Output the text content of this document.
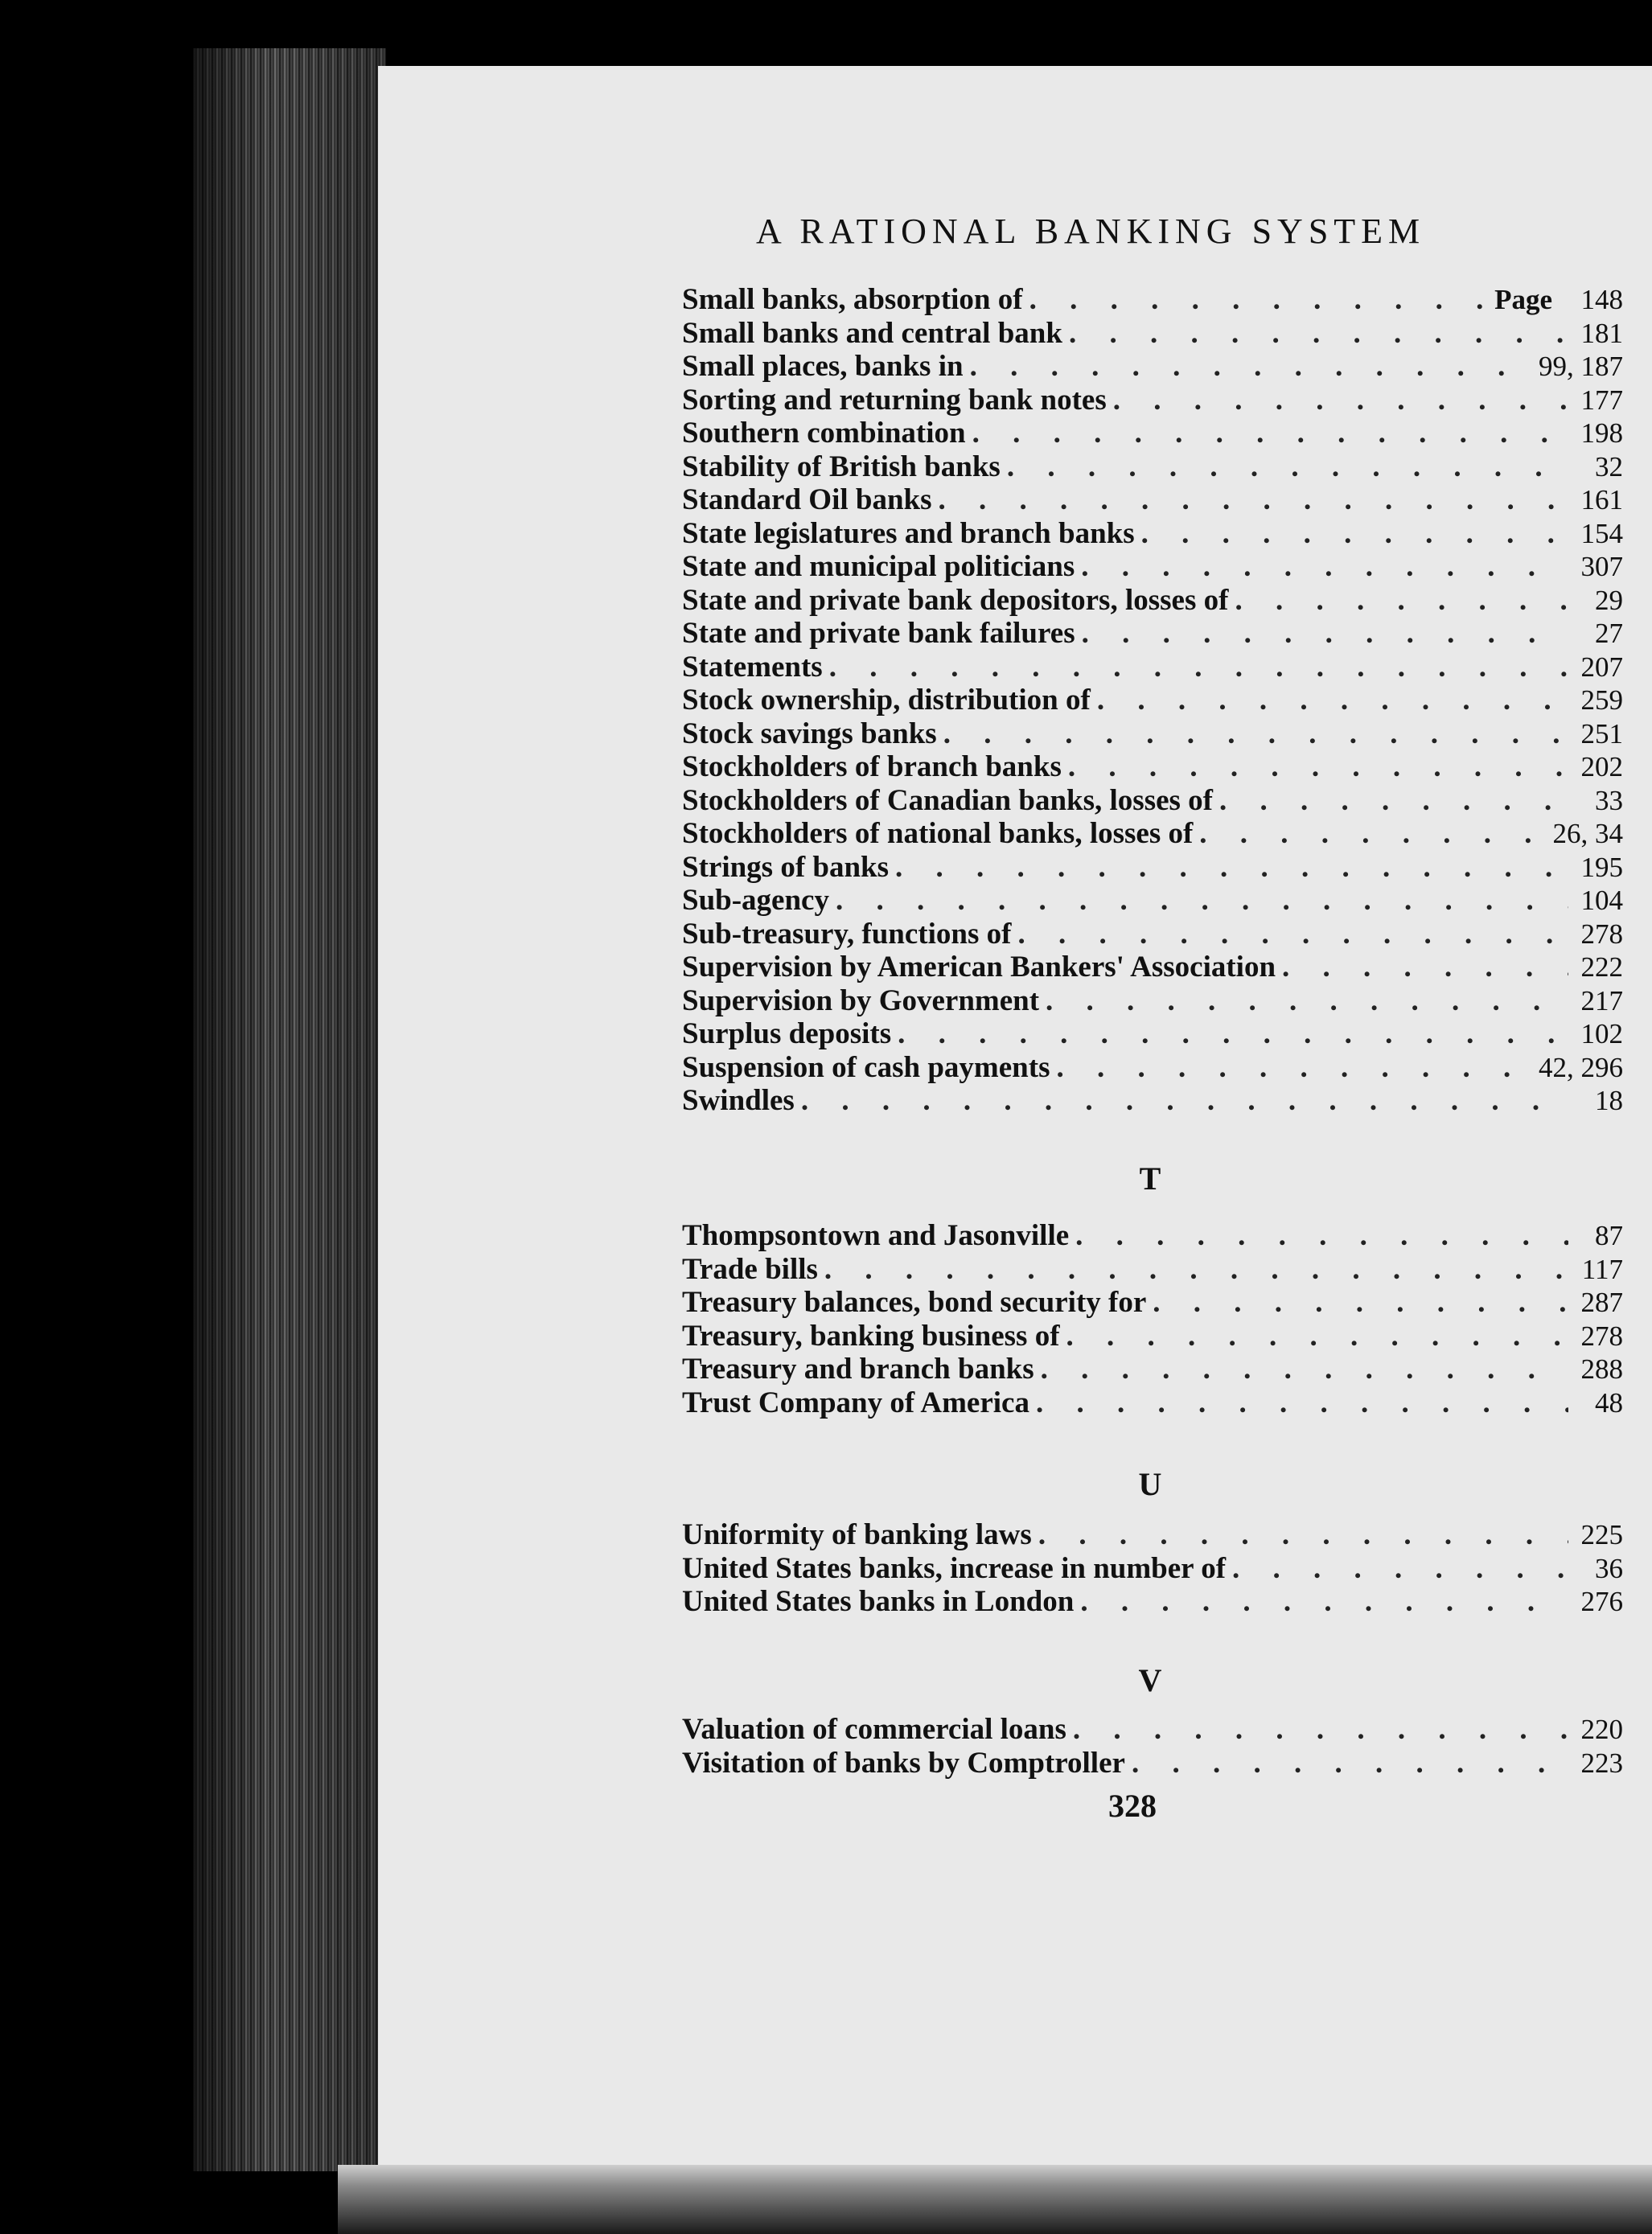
A RATIONAL BANKING SYSTEM
Small banks, absorption of . . .	Page 148
Small banks and central bank . . .	181
Small places, banks in . . .	99, 187
Sorting and returning bank notes . . .	177
Southern combination . . .	198
Stability of British banks . . .	32
Standard Oil banks . . .	161
State legislatures and branch banks . . .	154
State and municipal politicians . . .	307
State and private bank depositors, losses of . . .	29
State and private bank failures . . .	27
Statements . . .	207
Stock ownership, distribution of . . .	259
Stock savings banks . . .	251
Stockholders of branch banks . . .	202
Stockholders of Canadian banks, losses of . . .	33
Stockholders of national banks, losses of . . .	26, 34
Strings of banks . . .	195
Sub-agency . . .	104
Sub-treasury, functions of . . .	278
Supervision by American Bankers' Association . . .	222
Supervision by Government . . .	217
Surplus deposits . . .	102
Suspension of cash payments . . .	42, 296
Swindles . . .	18
T
Thompsontown and Jasonville . . .	87
Trade bills . . .	117
Treasury balances, bond security for . . .	287
Treasury, banking business of . . .	278
Treasury and branch banks . . .	288
Trust Company of America . . .	48
U
Uniformity of banking laws . . .	225
United States banks, increase in number of . . .	36
United States banks in London . . .	276
V
Valuation of commercial loans . . .	220
Visitation of banks by Comptroller . . .	223
328
